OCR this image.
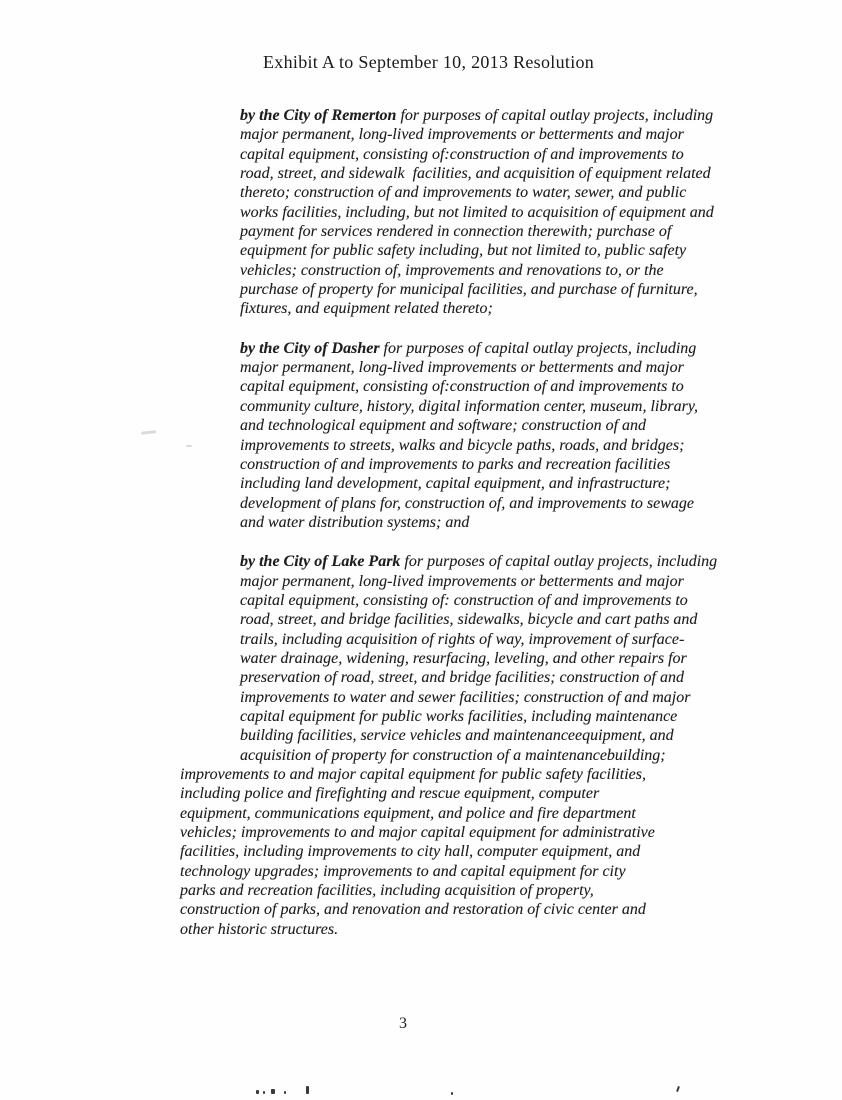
Exhibit A to September 10, 2013 Resolution
by the City of Remerton for purposes of capital outlay projects, including
major permanent, long-lived improvements or betterments and major
capital equipment, consisting of:construction of and improvements to
road, street, and sidewalk  facilities, and acquisition of equipment related
thereto; construction of and improvements to water, sewer, and public
works facilities, including, but not limited to acquisition of equipment and
payment for services rendered in connection therewith; purchase of
equipment for public safety including, but not limited to, public safety
vehicles; construction of, improvements and renovations to, or the
purchase of property for municipal facilities, and purchase of furniture,
fixtures, and equipment related thereto;
by the City of Dasher for purposes of capital outlay projects, including
major permanent, long-lived improvements or betterments and major
capital equipment, consisting of:construction of and improvements to
community culture, history, digital information center, museum, library,
and technological equipment and software; construction of and
improvements to streets, walks and bicycle paths, roads, and bridges;
construction of and improvements to parks and recreation facilities
including land development, capital equipment, and infrastructure;
development of plans for, construction of, and improvements to sewage
and water distribution systems; and
by the City of Lake Park for purposes of capital outlay projects, including
major permanent, long-lived improvements or betterments and major
capital equipment, consisting of: construction of and improvements to
road, street, and bridge facilities, sidewalks, bicycle and cart paths and
trails, including acquisition of rights of way, improvement of surface-
water drainage, widening, resurfacing, leveling, and other repairs for
preservation of road, street, and bridge facilities; construction of and
improvements to water and sewer facilities; construction of and major
capital equipment for public works facilities, including maintenance
building facilities, service vehicles and maintenanceequipment, and
acquisition of property for construction of a maintenancebuilding;
improvements to and major capital equipment for public safety facilities,
including police and firefighting and rescue equipment, computer
equipment, communications equipment, and police and fire department
vehicles; improvements to and major capital equipment for administrative
facilities, including improvements to city hall, computer equipment, and
technology upgrades; improvements to and capital equipment for city
parks and recreation facilities, including acquisition of property,
construction of parks, and renovation and restoration of civic center and
other historic structures.
3
